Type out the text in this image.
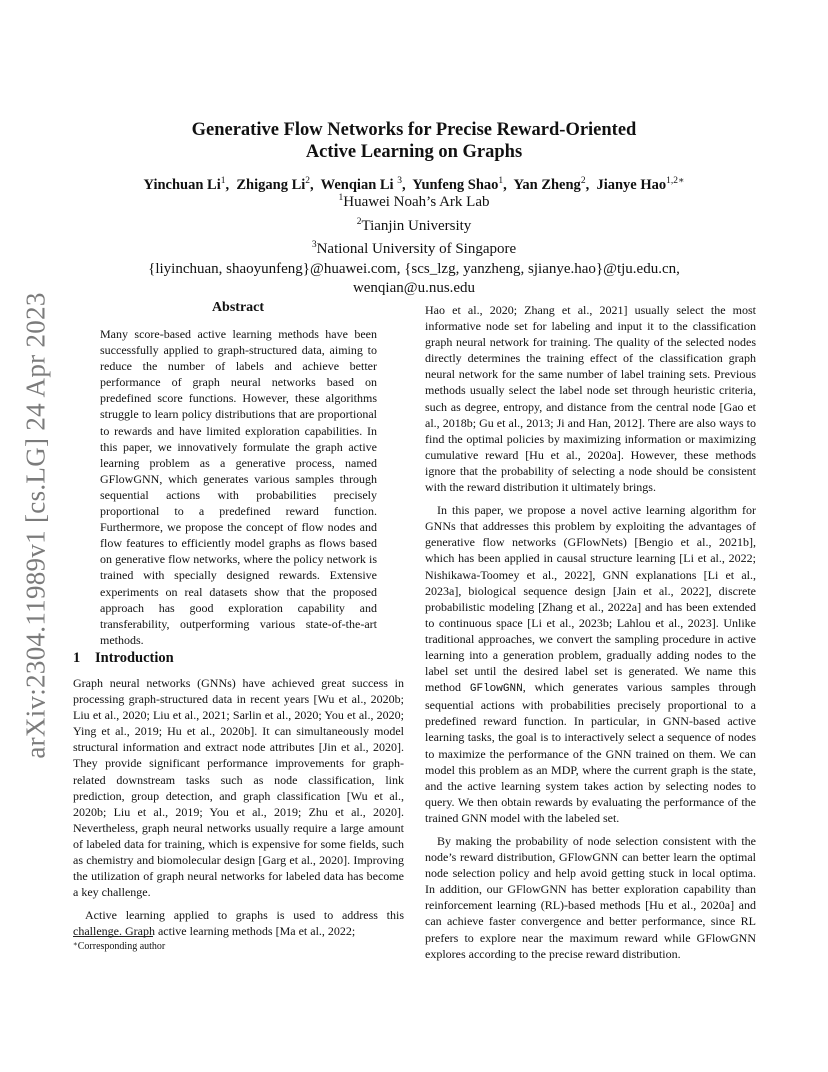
arXiv:2304.11989v1 [cs.LG] 24 Apr 2023
Generative Flow Networks for Precise Reward-Oriented
Active Learning on Graphs
Yinchuan Li$^1$,  Zhigang Li$^2$,  Wenqian Li $^3$,  Yunfeng Shao$^1$,  Yan Zheng$^2$,  Jianye Hao$^{1,2∗}$
$^1$Huawei Noah’s Ark Lab
$^2$Tianjin University
$^3$National University of Singapore
{liyinchuan, shaoyunfeng}@huawei.com, {scs_lzg, yanzheng, sjianye.hao}@tju.edu.cn,
wenqian@u.nus.edu
Abstract
Many score-based active learning methods have been successfully applied to graph-structured data, aiming to reduce the number of labels and achieve better performance of graph neural networks based on predefined score functions. However, these algorithms struggle to learn policy distributions that are proportional to rewards and have limited exploration capabilities. In this paper, we innovatively formulate the graph active learning problem as a generative process, named GFlowGNN, which generates various samples through sequential actions with probabilities precisely proportional to a predefined reward function. Furthermore, we propose the concept of flow nodes and flow features to efficiently model graphs as flows based on generative flow networks, where the policy network is trained with specially designed rewards. Extensive experiments on real datasets show that the proposed approach has good exploration capability and transferability, outperforming various state-of-the-art methods.
1 Introduction

Graph neural networks (GNNs) have achieved great success in processing graph-structured data in recent years [Wu et al., 2020b; Liu et al., 2020; Liu et al., 2021; Sarlin et al., 2020; You et al., 2020; Ying et al., 2019; Hu et al., 2020b]. It can simultaneously model structural information and extract node attributes [Jin et al., 2020]. They provide significant performance improvements for graph-related downstream tasks such as node classification, link prediction, group detection, and graph classification [Wu et al., 2020b; Liu et al., 2019; You et al., 2019; Zhu et al., 2020]. Nevertheless, graph neural networks usually require a large amount of labeled data for training, which is expensive for some fields, such as chemistry and biomolecular design [Garg et al., 2020]. Improving the utilization of graph neural networks for labeled data has become a key challenge.

Active learning applied to graphs is used to address this challenge. Graph active learning methods [Ma et al., 2022;

Hao et al., 2020; Zhang et al., 2021] usually select the most informative node set for labeling and input it to the classification graph neural network for training. The quality of the selected nodes directly determines the training effect of the classification graph neural network for the same number of label training sets. Previous methods usually select the label node set through heuristic criteria, such as degree, entropy, and distance from the central node [Gao et al., 2018b; Gu et al., 2013; Ji and Han, 2012]. There are also ways to find the optimal policies by maximizing information or maximizing cumulative reward [Hu et al., 2020a]. However, these methods ignore that the probability of selecting a node should be consistent with the reward distribution it ultimately brings.

In this paper, we propose a novel active learning algorithm for GNNs that addresses this problem by exploiting the advantages of generative flow networks (GFlowNets) [Bengio et al., 2021b], which has been applied in causal structure learning [Li et al., 2022; Nishikawa-Toomey et al., 2022], GNN explanations [Li et al., 2023a], biological sequence design [Jain et al., 2022], discrete probabilistic modeling [Zhang et al., 2022a] and has been extended to continuous space [Li et al., 2023b; Lahlou et al., 2023]. Unlike traditional approaches, we convert the sampling procedure in active learning into a generation problem, gradually adding nodes to the label set until the desired label set is generated. We name this method GFlowGNN, which generates various samples through sequential actions with probabilities precisely proportional to a predefined reward function. In particular, in GNN-based active learning tasks, the goal is to interactively select a sequence of nodes to maximize the performance of the GNN trained on them. We can model this problem as an MDP, where the current graph is the state, and the active learning system takes action by selecting nodes to query. We then obtain rewards by evaluating the performance of the trained GNN model with the labeled set.

By making the probability of node selection consistent with the node’s reward distribution, GFlowGNN can better learn the optimal node selection policy and help avoid getting stuck in local optima. In addition, our GFlowGNN has better exploration capability than reinforcement learning (RL)-based methods [Hu et al., 2020a] and can achieve faster convergence and better performance, since RL prefers to explore near the maximum reward while GFlowGNN explores according to the precise reward distribution.

∗Corresponding author
